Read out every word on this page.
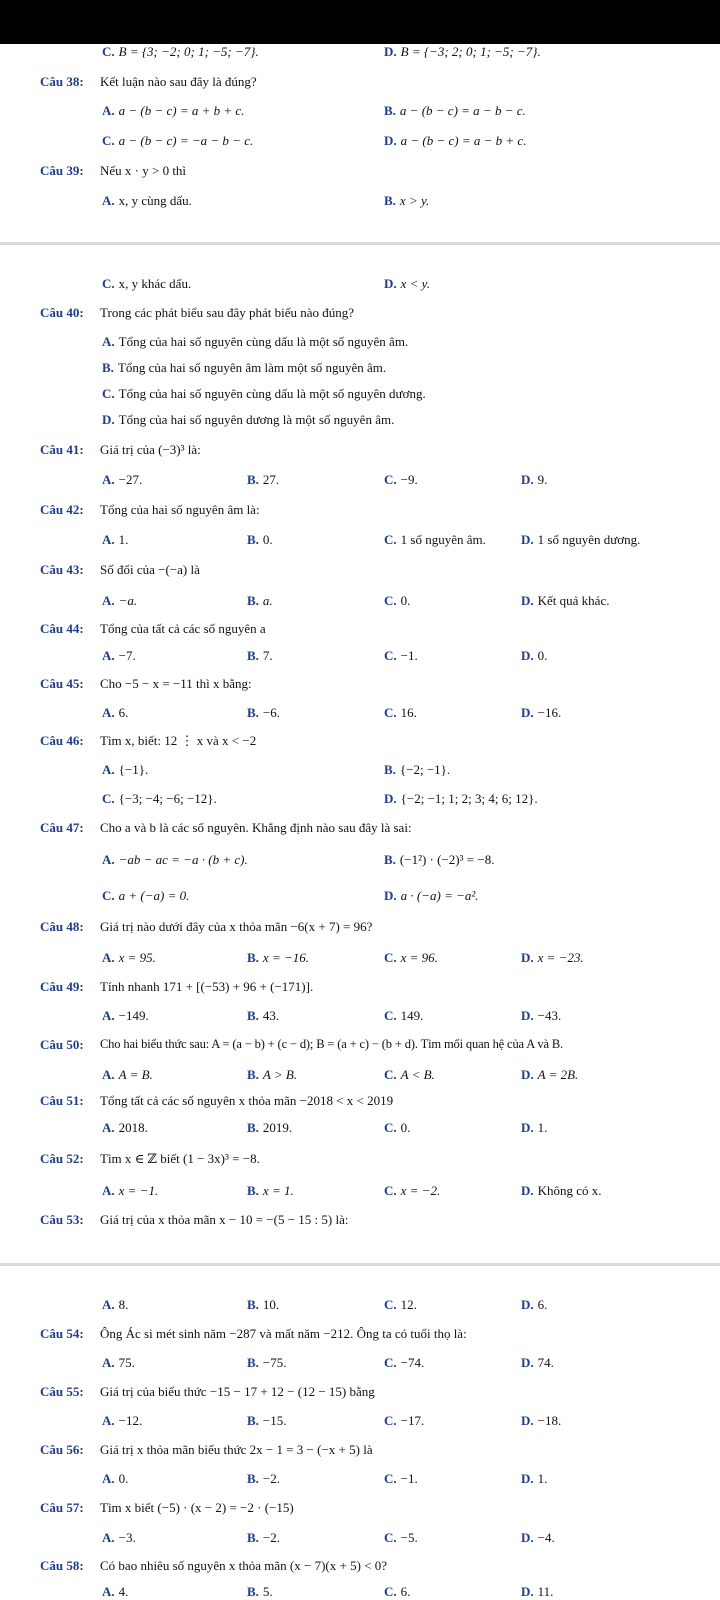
C. B = {3; −2; 0; 1; −5; −7}.	D. B = {−3; 2; 0; 1; −5; −7}.
Câu 38: Kết luận nào sau đây là đúng?
A. a − (b − c) = a + b + c.	B. a − (b − c) = a − b − c.
C. a − (b − c) = −a − b − c.	D. a − (b − c) = a − b + c.
Câu 39: Nếu x · y > 0 thì
A. x, y cùng dấu.	B. x > y.
C. x, y khác dấu.	D. x < y.
Câu 40: Trong các phát biểu sau đây phát biểu nào đúng?
A. Tổng của hai số nguyên cùng dấu là một số nguyên âm.
B. Tổng của hai số nguyên âm làm một số nguyên âm.
C. Tổng của hai số nguyên cùng dấu là một số nguyên dương.
D. Tổng của hai số nguyên dương là một số nguyên âm.
Câu 41: Giá trị của (−3)³ là:
A. −27.	B. 27.	C. −9.	D. 9.
Câu 42: Tổng của hai số nguyên âm là:
A. 1.	B. 0.	C. 1 số nguyên âm.	D. 1 số nguyên dương.
Câu 43: Số đối của −(−a) là
A. −a.	B. a.	C. 0.	D. Kết quả khác.
Câu 44: Tổng của tất cả các số nguyên a
A. −7.	B. 7.	C. −1.	D. 0.
Câu 45: Cho −5 − x = −11 thì x bằng:
A. 6.	B. −6.	C. 16.	D. −16.
Câu 46: Tìm x, biết: 12 ⋮ x và x < −2
A. {−1}.	B. {−2; −1}.
C. {−3; −4; −6; −12}.	D. {−2; −1; 1; 2; 3; 4; 6; 12}.
Câu 47: Cho a và b là các số nguyên. Khẳng định nào sau đây là sai:
A. −ab − ac = −a · (b + c).	B. (−1²) · (−2)³ = −8.
C. a + (−a) = 0.	D. a · (−a) = −a².
Câu 48: Giá trị nào dưới đây của x thỏa mãn −6(x + 7) = 96?
A. x = 95.	B. x = −16.	C. x = 96.	D. x = −23.
Câu 49: Tính nhanh 171 + [(−53) + 96 + (−171)].
A. −149.	B. 43.	C. 149.	D. −43.
Câu 50: Cho hai biểu thức sau: A = (a − b) + (c − d); B = (a + c) − (b + d). Tìm mối quan hệ của A và B.
A. A = B.	B. A > B.	C. A < B.	D. A = 2B.
Câu 51: Tổng tất cả các số nguyên x thỏa mãn −2018 < x < 2019
A. 2018.	B. 2019.	C. 0.	D. 1.
Câu 52: Tìm x ∈ ℤ biết (1 − 3x)³ = −8.
A. x = −1.	B. x = 1.	C. x = −2.	D. Không có x.
Câu 53: Giá trị của x thỏa mãn x − 10 = −(5 − 15 : 5) là:
A. 8.	B. 10.	C. 12.	D. 6.
Câu 54: Ông Ác si mét sinh năm −287 và mất năm −212. Ông ta có tuổi thọ là:
A. 75.	B. −75.	C. −74.	D. 74.
Câu 55: Giá trị của biểu thức −15 − 17 + 12 − (12 − 15) bằng
A. −12.	B. −15.	C. −17.	D. −18.
Câu 56: Giá trị x thỏa mãn biểu thức 2x − 1 = 3 − (−x + 5) là
A. 0.	B. −2.	C. −1.	D. 1.
Câu 57: Tìm x biết (−5) · (x − 2) = −2 · (−15)
A. −3.	B. −2.	C. −5.	D. −4.
Câu 58: Có bao nhiêu số nguyên x thỏa mãn (x − 7)(x + 5) < 0?
A. 4.	B. 5.	C. 6.	D. 11.
